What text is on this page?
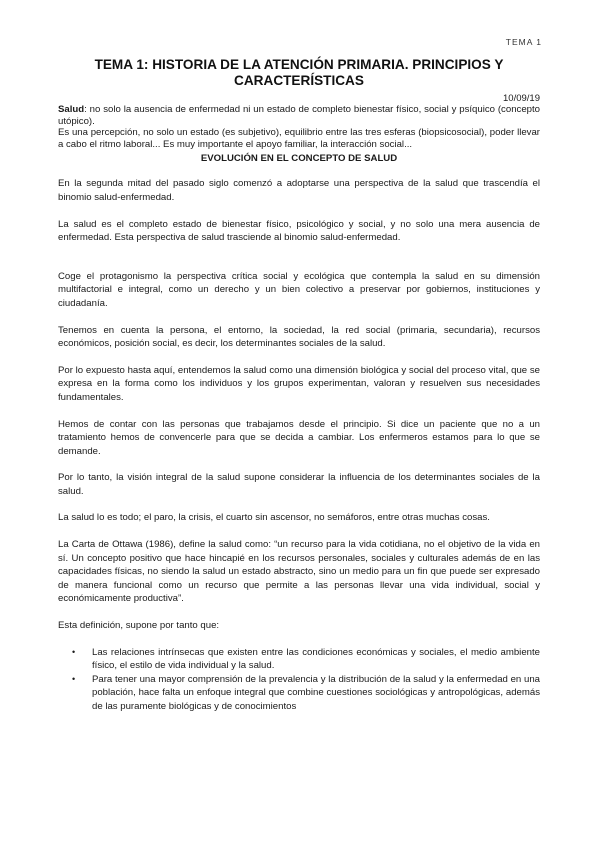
TEMA 1
TEMA 1: HISTORIA DE LA ATENCIÓN PRIMARIA. PRINCIPIOS Y CARACTERÍSTICAS
10/09/19

Salud: no solo la ausencia de enfermedad ni un estado de completo bienestar físico, social y psíquico (concepto utópico).

Es una percepción, no solo un estado (es subjetivo), equilibrio entre las tres esferas (biopsicosocial), poder llevar a cabo el ritmo laboral... Es muy importante el apoyo familiar, la interacción social...

EVOLUCIÓN EN EL CONCEPTO DE SALUD

En la segunda mitad del pasado siglo comenzó a adoptarse una perspectiva de la salud que trascendía el binomio salud-enfermedad.

La salud es el completo estado de bienestar físico, psicológico y social, y no solo una mera ausencia de enfermedad. Esta perspectiva de salud trasciende al binomio salud-enfermedad.

Coge el protagonismo la perspectiva crítica social y ecológica que contempla la salud en su dimensión multifactorial e integral, como un derecho y un bien colectivo a preservar por gobiernos, instituciones y ciudadanía.

Tenemos en cuenta la persona, el entorno, la sociedad, la red social (primaria, secundaria), recursos económicos, posición social, es decir, los determinantes sociales de la salud.

Por lo expuesto hasta aquí, entendemos la salud como una dimensión biológica y social del proceso vital, que se expresa en la forma como los individuos y los grupos experimentan, valoran y resuelven sus necesidades fundamentales.

Hemos de contar con las personas que trabajamos desde el principio. Si dice un paciente que no a un tratamiento hemos de convencerle para que se decida a cambiar. Los enfermeros estamos para lo que se demande.

Por lo tanto, la visión integral de la salud supone considerar la influencia de los determinantes sociales de la salud.

La salud lo es todo; el paro, la crisis, el cuarto sin ascensor, no semáforos, entre otras muchas cosas.

La Carta de Ottawa (1986), define la salud como: “un recurso para la vida cotidiana, no el objetivo de la vida en sí. Un concepto positivo que hace hincapié en los recursos personales, sociales y culturales además de en las capacidades físicas, no siendo la salud un estado abstracto, sino un medio para un fin que puede ser expresado de manera funcional como un recurso que permite a las personas llevar una vida individual, social y económicamente productiva”.

Esta definición, supone por tanto que:

• Las relaciones intrínsecas que existen entre las condiciones económicas y sociales, el medio ambiente físico, el estilo de vida individual y la salud.
• Para tener una mayor comprensión de la prevalencia y la distribución de la salud y la enfermedad en una población, hace falta un enfoque integral que combine cuestiones sociológicas y antropológicas, además de las puramente biológicas y de conocimientos
